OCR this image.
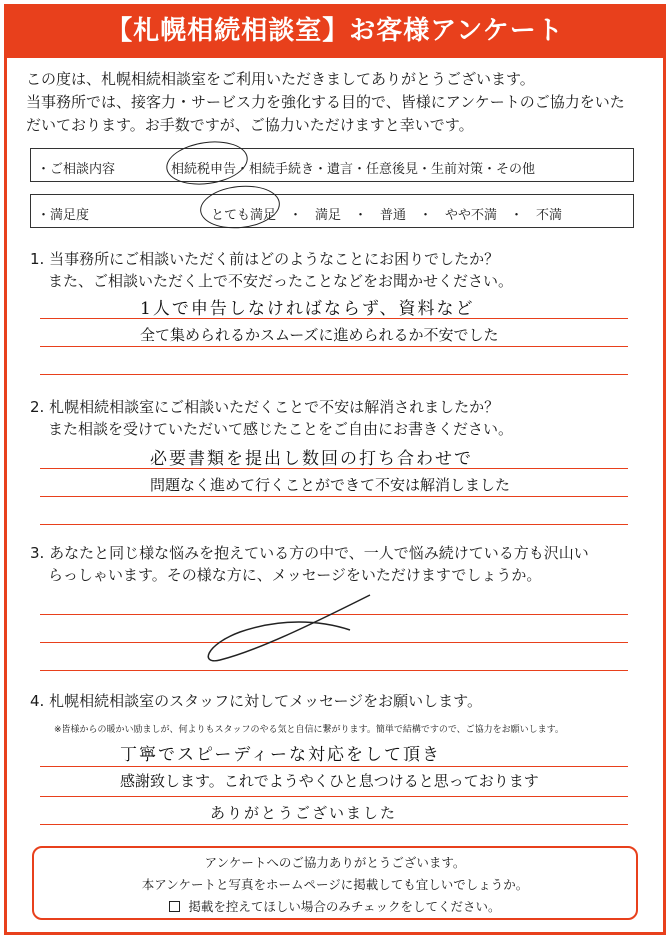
【札幌相続相談室】お客様アンケート
この度は、札幌相続相談室をご利用いただきましてありがとうございます。
当事務所では、接客力・サービス力を強化する目的で、皆様にアンケートのご協力をいた
だいております。お手数ですが、ご協力いただけますと幸いです。
・ご相談内容	相続税申告・相続手続き・遺言・任意後見・生前対策・その他
・満足度	とても満足　・　満足　・　普通　・　やや不満　・　不満
1. 当事務所にご相談いただく前はどのようなことにお困りでしたか？
また、ご相談いただく上で不安だったことなどをお聞かせください。
1人で申告しなければならず、資料など
全て集められるかスムーズに進められるか不安でした
2. 札幌相続相談室にご相談いただくことで不安は解消されましたか？
また相談を受けていただいて感じたことをご自由にお書きください。
必要書類を提出し数回の打ち合わせで
問題なく進めて行くことができて不安は解消しました
3. あなたと同じ様な悩みを抱えている方の中で、一人で悩み続けている方も沢山い
らっしゃいます。その様な方に、メッセージをいただけますでしょうか。
4. 札幌相続相談室のスタッフに対してメッセージをお願いします。
※皆様からの暖かい励ましが、何よりもスタッフのやる気と自信に繋がります。簡単で結構ですので、ご協力をお願いします。
丁寧でスピーディーな対応をして頂き
感謝致します。これでようやくひと息つけると思っております
ありがとうございました
アンケートへのご協力ありがとうございます。
本アンケートと写真をホームページに掲載しても宜しいでしょうか。
掲載を控えてほしい場合のみチェックをしてください。
